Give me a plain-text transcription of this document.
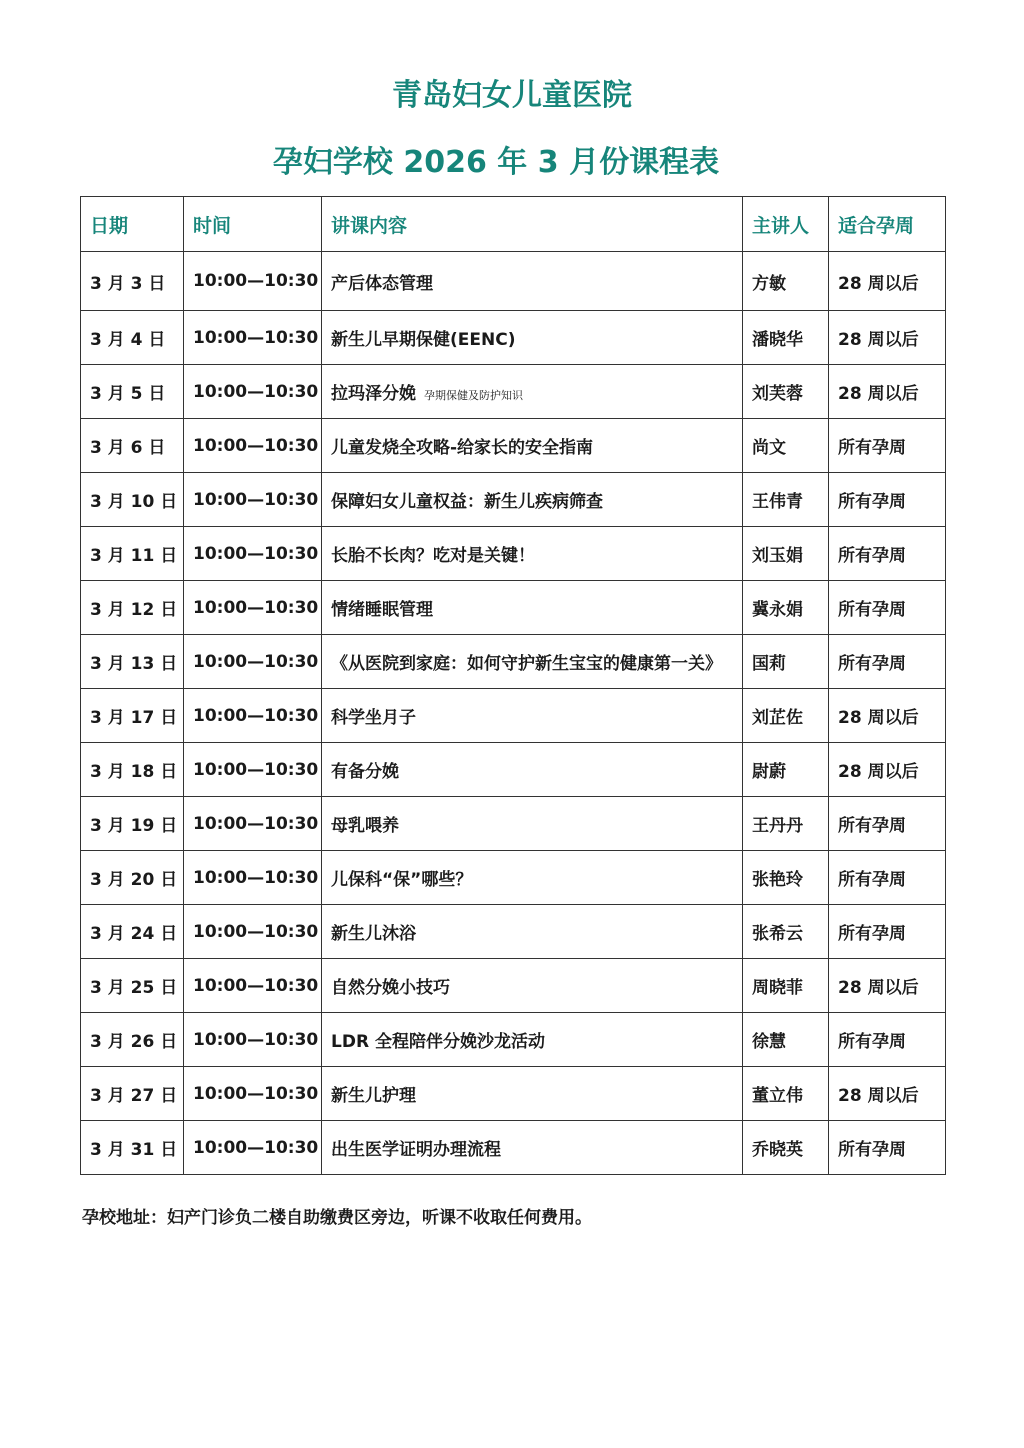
青岛妇女儿童医院
孕妇学校 2026 年 3 月份课程表
日期	时间	讲课内容	主讲人	适合孕周
3 月 3 日	10:00—10:30	产后体态管理	方敏	28 周以后
3 月 4 日	10:00—10:30	新生儿早期保健(EENC)	潘晓华	28 周以后
3 月 5 日	10:00—10:30	拉玛泽分娩 孕期保健及防护知识	刘芙蓉	28 周以后
3 月 6 日	10:00—10:30	儿童发烧全攻略-给家长的安全指南	尚文	所有孕周
3 月 10 日	10:00—10:30	保障妇女儿童权益：新生儿疾病筛查	王伟青	所有孕周
3 月 11 日	10:00—10:30	长胎不长肉？吃对是关键！	刘玉娟	所有孕周
3 月 12 日	10:00—10:30	情绪睡眠管理	冀永娟	所有孕周
3 月 13 日	10:00—10:30	《从医院到家庭：如何守护新生宝宝的健康第一关》	国莉	所有孕周
3 月 17 日	10:00—10:30	科学坐月子	刘芷佐	28 周以后
3 月 18 日	10:00—10:30	有备分娩	尉蔚	28 周以后
3 月 19 日	10:00—10:30	母乳喂养	王丹丹	所有孕周
3 月 20 日	10:00—10:30	儿保科“保”哪些？	张艳玲	所有孕周
3 月 24 日	10:00—10:30	新生儿沐浴	张希云	所有孕周
3 月 25 日	10:00—10:30	自然分娩小技巧	周晓菲	28 周以后
3 月 26 日	10:00—10:30	LDR 全程陪伴分娩沙龙活动	徐慧	所有孕周
3 月 27 日	10:00—10:30	新生儿护理	董立伟	28 周以后
3 月 31 日	10:00—10:30	出生医学证明办理流程	乔晓英	所有孕周
孕校地址：妇产门诊负二楼自助缴费区旁边，听课不收取任何费用。
